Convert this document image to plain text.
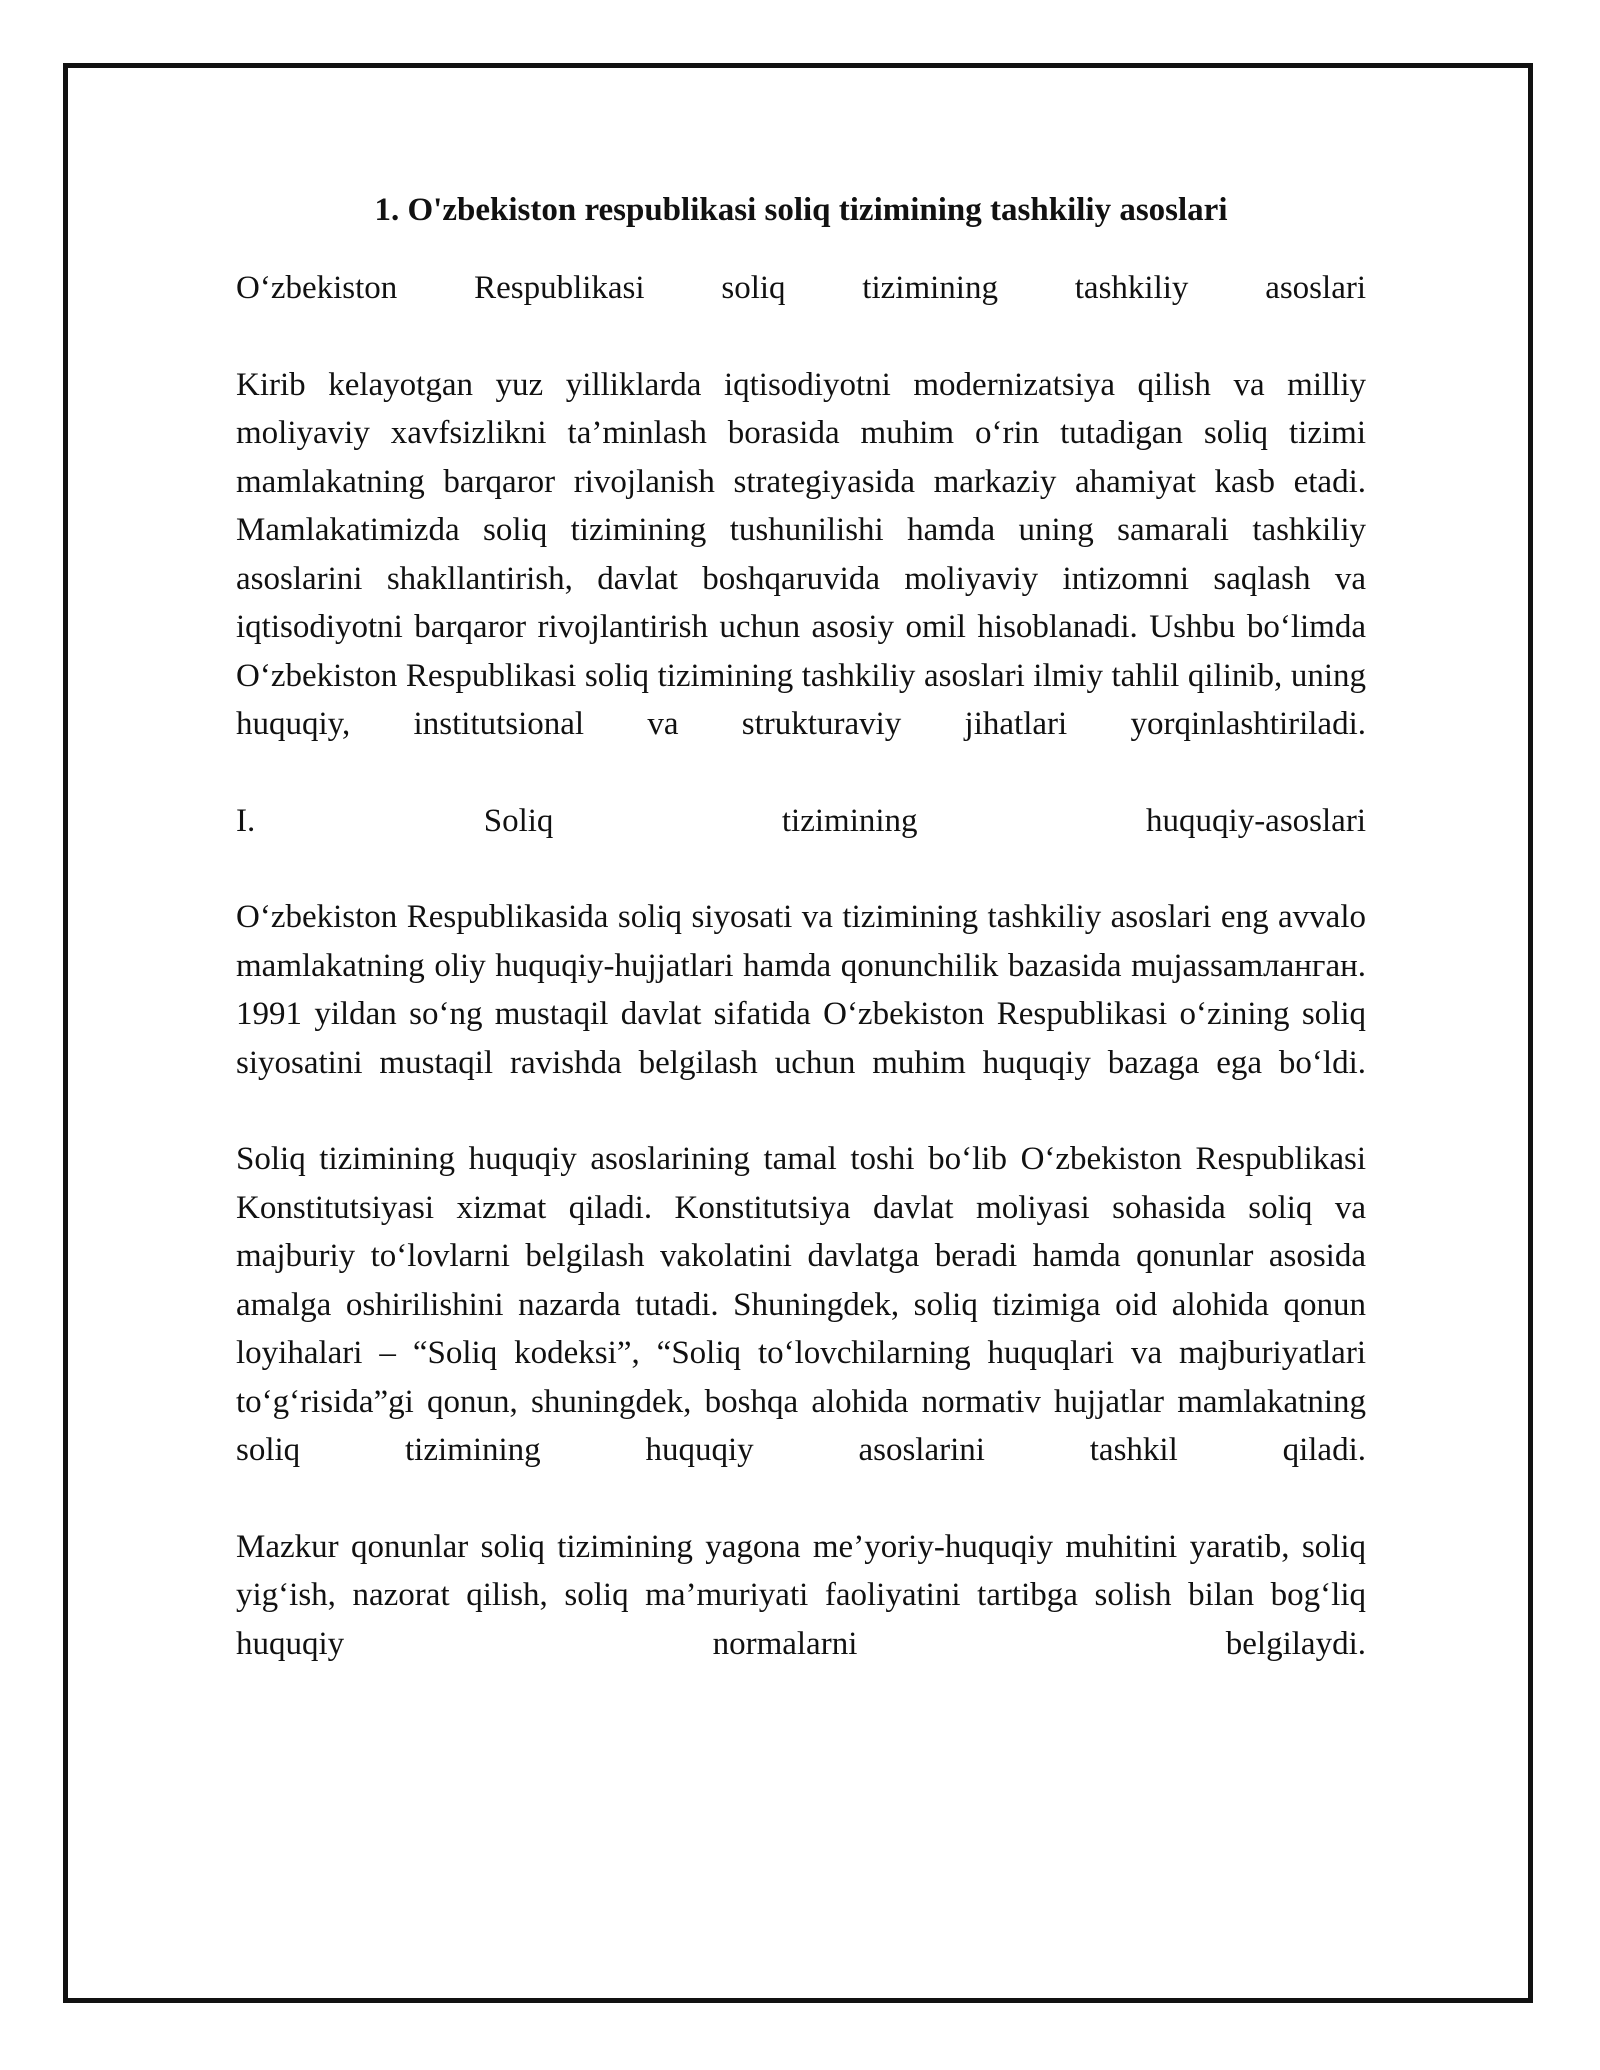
1. O'zbekiston respublikasi soliq tizimining tashkiliy asoslari
O‘zbekiston Respublikasi soliq tizimining tashkiliy asoslari
Kirib kelayotgan yuz yilliklarda iqtisodiyotni modernizatsiya qilish va milliy moliyaviy xavfsizlikni ta’minlash borasida muhim o‘rin tutadigan soliq tizimi mamlakatning barqaror rivojlanish strategiyasida markaziy ahamiyat kasb etadi. Mamlakatimizda soliq tizimining tushunilishi hamda uning samarali tashkiliy asoslarini shakllantirish, davlat boshqaruvida moliyaviy intizomni saqlash va iqtisodiyotni barqaror rivojlantirish uchun asosiy omil hisoblanadi. Ushbu bo‘limda O‘zbekiston Respublikasi soliq tizimining tashkiliy asoslari ilmiy tahlil qilinib, uning huquqiy, institutsional va strukturaviy jihatlari yorqinlashtiriladi.
I. Soliq tizimining huquqiy-asoslari
O‘zbekiston Respublikasida soliq siyosati va tizimining tashkiliy asoslari eng avvalo mamlakatning oliy huquqiy-hujjatlari hamda qonunchilik bazasida mujassamланган. 1991 yildan so‘ng mustaqil davlat sifatida O‘zbekiston Respublikasi o‘zining soliq siyosatini mustaqil ravishda belgilash uchun muhim huquqiy bazaga ega bo‘ldi.
Soliq tizimining huquqiy asoslarining tamal toshi bo‘lib O‘zbekiston Respublikasi Konstitutsiyasi xizmat qiladi. Konstitutsiya davlat moliyasi sohasida soliq va majburiy to‘lovlarni belgilash vakolatini davlatga beradi hamda qonunlar asosida amalga oshirilishini nazarda tutadi. Shuningdek, soliq tizimiga oid alohida qonun loyihalari – “Soliq kodeksi”, “Soliq to‘lovchilarning huquqlari va majburiyatlari to‘g‘risida”gi qonun, shuningdek, boshqa alohida normativ hujjatlar mamlakatning soliq tizimining huquqiy asoslarini tashkil qiladi.
Mazkur qonunlar soliq tizimining yagona me’yoriy-huquqiy muhitini yaratib, soliq yig‘ish, nazorat qilish, soliq ma’muriyati faoliyatini tartibga solish bilan bog‘liq huquqiy normalarni belgilaydi.
